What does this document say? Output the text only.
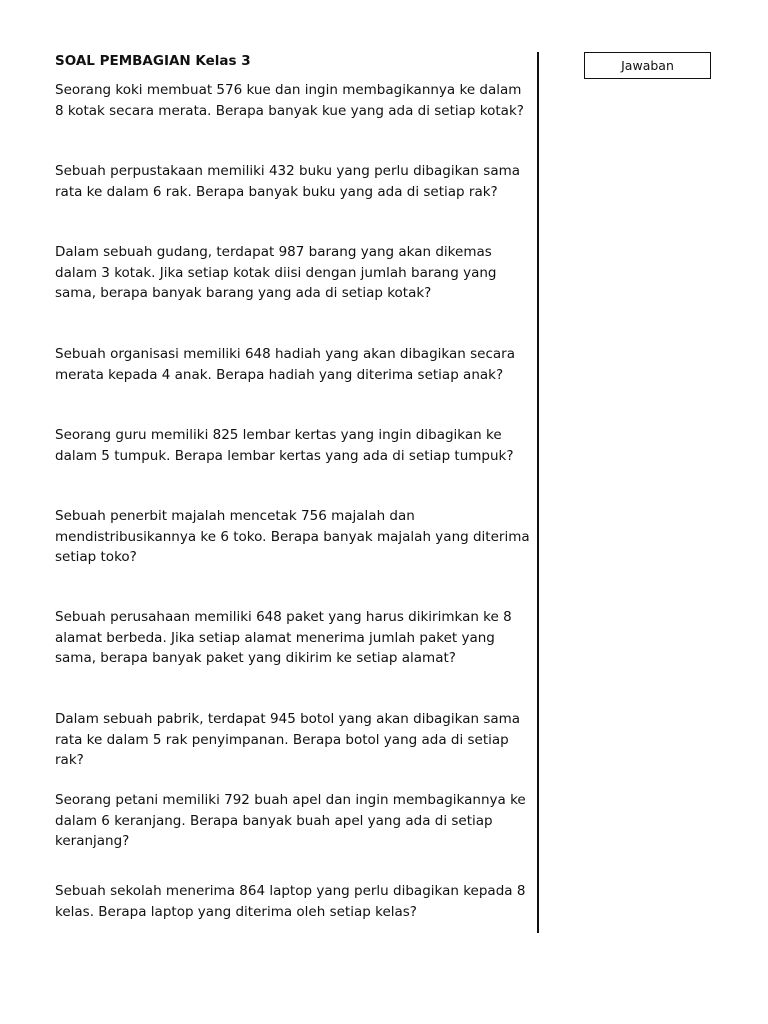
SOAL PEMBAGIAN Kelas 3

Seorang koki membuat 576 kue dan ingin membagikannya ke dalam 8 kotak secara merata. Berapa banyak kue yang ada di setiap kotak?

Sebuah perpustakaan memiliki 432 buku yang perlu dibagikan sama rata ke dalam 6 rak. Berapa banyak buku yang ada di setiap rak?

Dalam sebuah gudang, terdapat 987 barang yang akan dikemas dalam 3 kotak. Jika setiap kotak diisi dengan jumlah barang yang sama, berapa banyak barang yang ada di setiap kotak?

Sebuah organisasi memiliki 648 hadiah yang akan dibagikan secara merata kepada 4 anak. Berapa hadiah yang diterima setiap anak?

Seorang guru memiliki 825 lembar kertas yang ingin dibagikan ke dalam 5 tumpuk. Berapa lembar kertas yang ada di setiap tumpuk?

Sebuah penerbit majalah mencetak 756 majalah dan mendistribusikannya ke 6 toko. Berapa banyak majalah yang diterima setiap toko?

Sebuah perusahaan memiliki 648 paket yang harus dikirimkan ke 8 alamat berbeda. Jika setiap alamat menerima jumlah paket yang sama, berapa banyak paket yang dikirim ke setiap alamat?

Dalam sebuah pabrik, terdapat 945 botol yang akan dibagikan sama rata ke dalam 5 rak penyimpanan. Berapa botol yang ada di setiap rak?

Seorang petani memiliki 792 buah apel dan ingin membagikannya ke dalam 6 keranjang. Berapa banyak buah apel yang ada di setiap keranjang?

Sebuah sekolah menerima 864 laptop yang perlu dibagikan kepada 8 kelas. Berapa laptop yang diterima oleh setiap kelas?

Jawaban
